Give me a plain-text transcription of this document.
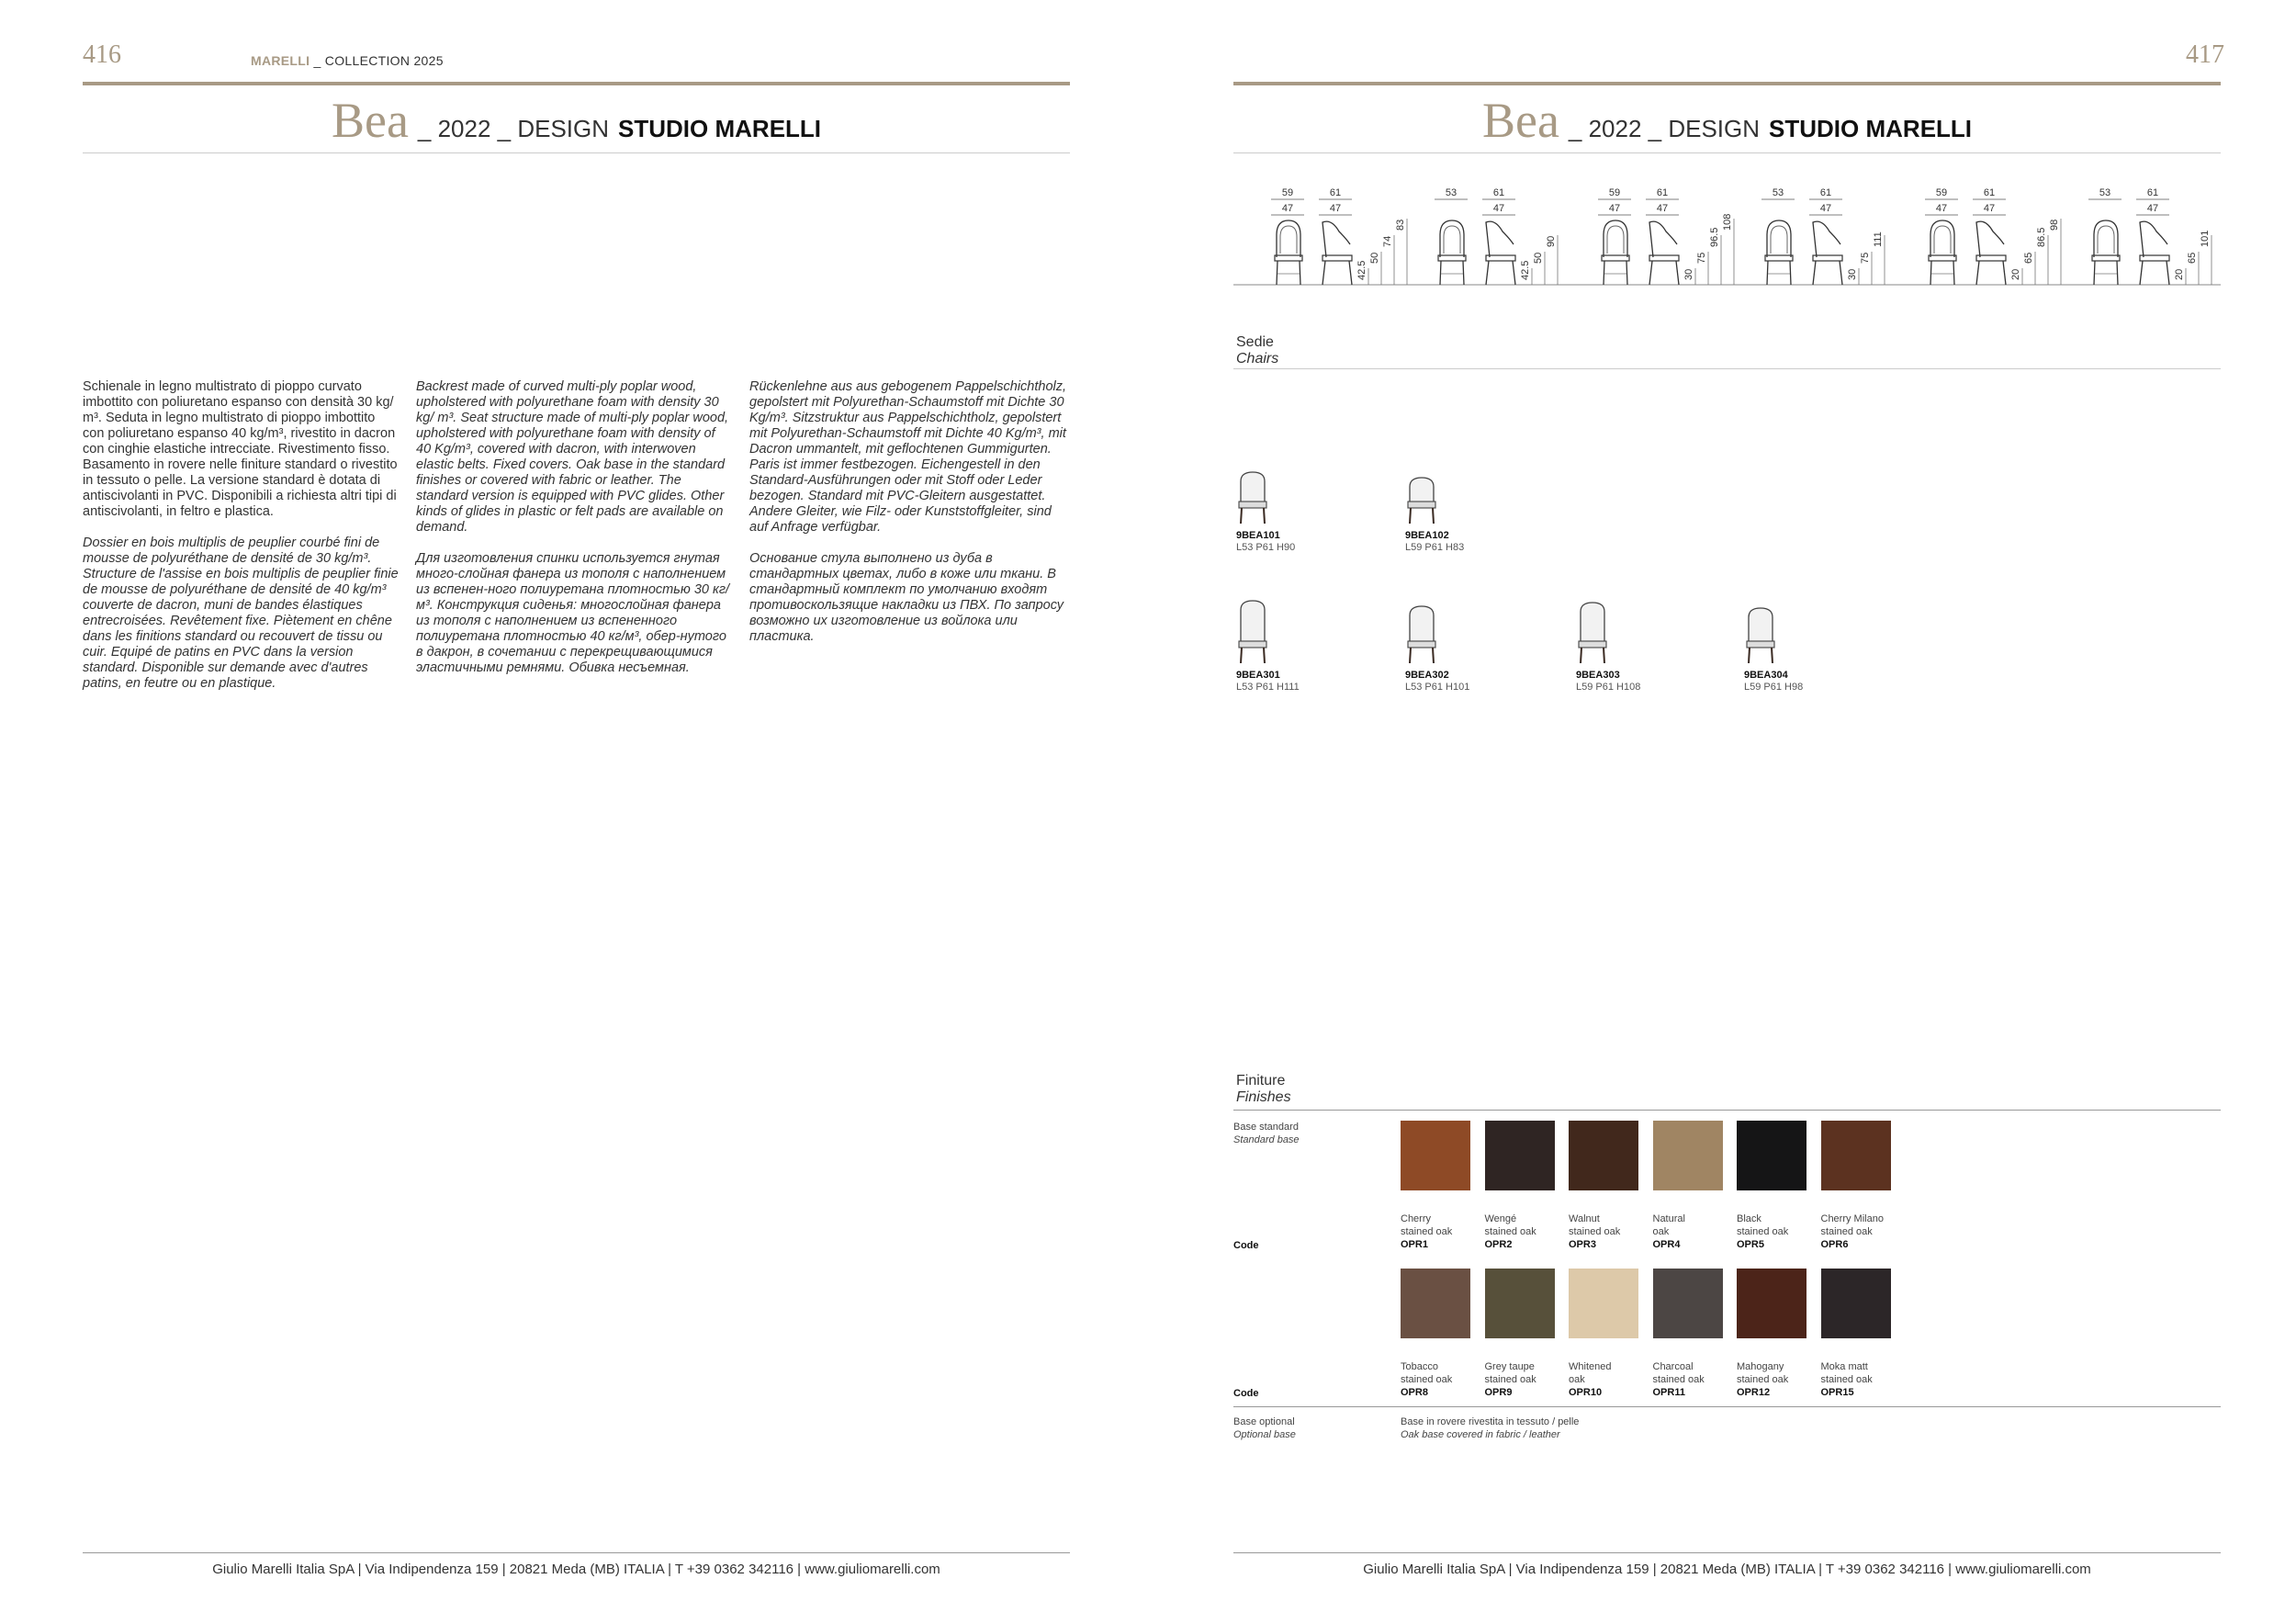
416	MARELLI _ COLLECTION 2025
Bea _ 2022 _ DESIGN STUDIO MARELLI

Schienale in legno multistrato di pioppo curvato imbottito con poliuretano espanso con densità 30 kg/ m³. Seduta in legno multistrato di pioppo imbottito con poliuretano espanso 40 kg/m³, rivestito in dacron con cinghie elastiche intrecciate. Rivestimento fisso. Basamento in rovere nelle finiture standard o rivestito in tessuto o pelle. La versione standard è dotata di antiscivolanti in PVC. Disponibili a richiesta altri tipi di antiscivolanti, in feltro e plastica.

Dossier en bois multiplis de peuplier courbé fini de mousse de polyuréthane de densité de 30 kg/m³. Structure de l'assise en bois multiplis de peuplier finie de mousse de polyuréthane de densité de 40 kg/m³ couverte de dacron, muni de bandes élastiques entrecroisées. Revêtement fixe. Piètement en chêne dans les finitions standard ou recouvert de tissu ou cuir. Equipé de patins en PVC dans la version standard. Disponible sur demande avec d'autres patins, en feutre ou en plastique.

Backrest made of curved multi-ply poplar wood, upholstered with polyurethane foam with density 30 kg/ m³. Seat structure made of multi-ply poplar wood, upholstered with polyurethane foam with density of 40 Kg/m³, covered with dacron, with interwoven elastic belts. Fixed covers. Oak base in the standard finishes or covered with fabric or leather. The standard version is equipped with PVC glides. Other kinds of glides in plastic or felt pads are available on demand.

Для изготовления спинки используется гнутая много-слойная фанера из тополя с наполнением из вспенен-ного полиуретана плотностью 30 кг/м³. Конструкция сиденья: многослойная фанера из тополя с наполнением из вспененного полиуретана плотностью 40 кг/м³, обер-нутого в дакрон, в сочетании с перекрещивающимися эластичными ремнями. Обивка несъемная.

Rückenlehne aus aus gebogenem Pappelschichtholz, gepolstert mit Polyurethan-Schaumstoff mit Dichte 30 Kg/m³. Sitzstruktur aus Pappelschichtholz, gepolstert mit Polyurethan-Schaumstoff mit Dichte 40 Kg/m³, mit Dacron ummantelt, mit geflochtenen Gummigurten. Paris ist immer festbezogen. Eichengestell in den Standard-Ausführungen oder mit Stoff oder Leder bezogen. Standard mit PVC-Gleitern ausgestattet. Andere Gleiter, wie Filz- oder Kunststoffgleiter, sind auf Anfrage verfügbar.

Основание стула выполнено из дуба в стандартных цветах, либо в коже или ткани. В стандартный комплект по умолчанию входят противоскользящие накладки из ПВХ. По запросу возможно их изготовление из войлока или пластика.

Giulio Marelli Italia SpA | Via Indipendenza 159 | 20821 Meda (MB) ITALIA | T +39 0362 342116 | www.giuliomarelli.com
417
Bea _ 2022 _ DESIGN STUDIO MARELLI
59
47
61
47
42.5
50
74
83
53	61
47
42.5
50
90
59
47
61
47
30
75
96.5
108
53	61
47
30
75
111
59
47
61
47
20
65
86.5
98
53	61
47
20
65
101
Sedie
Chairs
9BEA101
L53 P61 H90
9BEA102
L59 P61 H83
9BEA301
L53 P61 H111
9BEA302
L53 P61 H101
9BEA303
L59 P61 H108
9BEA304
L59 P61 H98
Finiture
Finishes
Base standard
Standard base
Cherry
stained oak
OPR1
Wengé
stained oak
OPR2
Walnut
stained oak
OPR3
Natural
oak
OPR4
Black
stained oak
OPR5
Cherry Milano
stained oak
OPR6
Tobacco
stained oak
OPR8
Grey taupe
stained oak
OPR9
Whitened
oak
OPR10
Charcoal
stained oak
OPR11
Mahogany
stained oak
OPR12
Moka matt
stained oak
OPR15
Code
Code
Base optional
Optional base
Base in rovere rivestita in tessuto / pelle
Oak base covered in fabric / leather
Giulio Marelli Italia SpA | Via Indipendenza 159 | 20821 Meda (MB) ITALIA | T +39 0362 342116 | www.giuliomarelli.com
